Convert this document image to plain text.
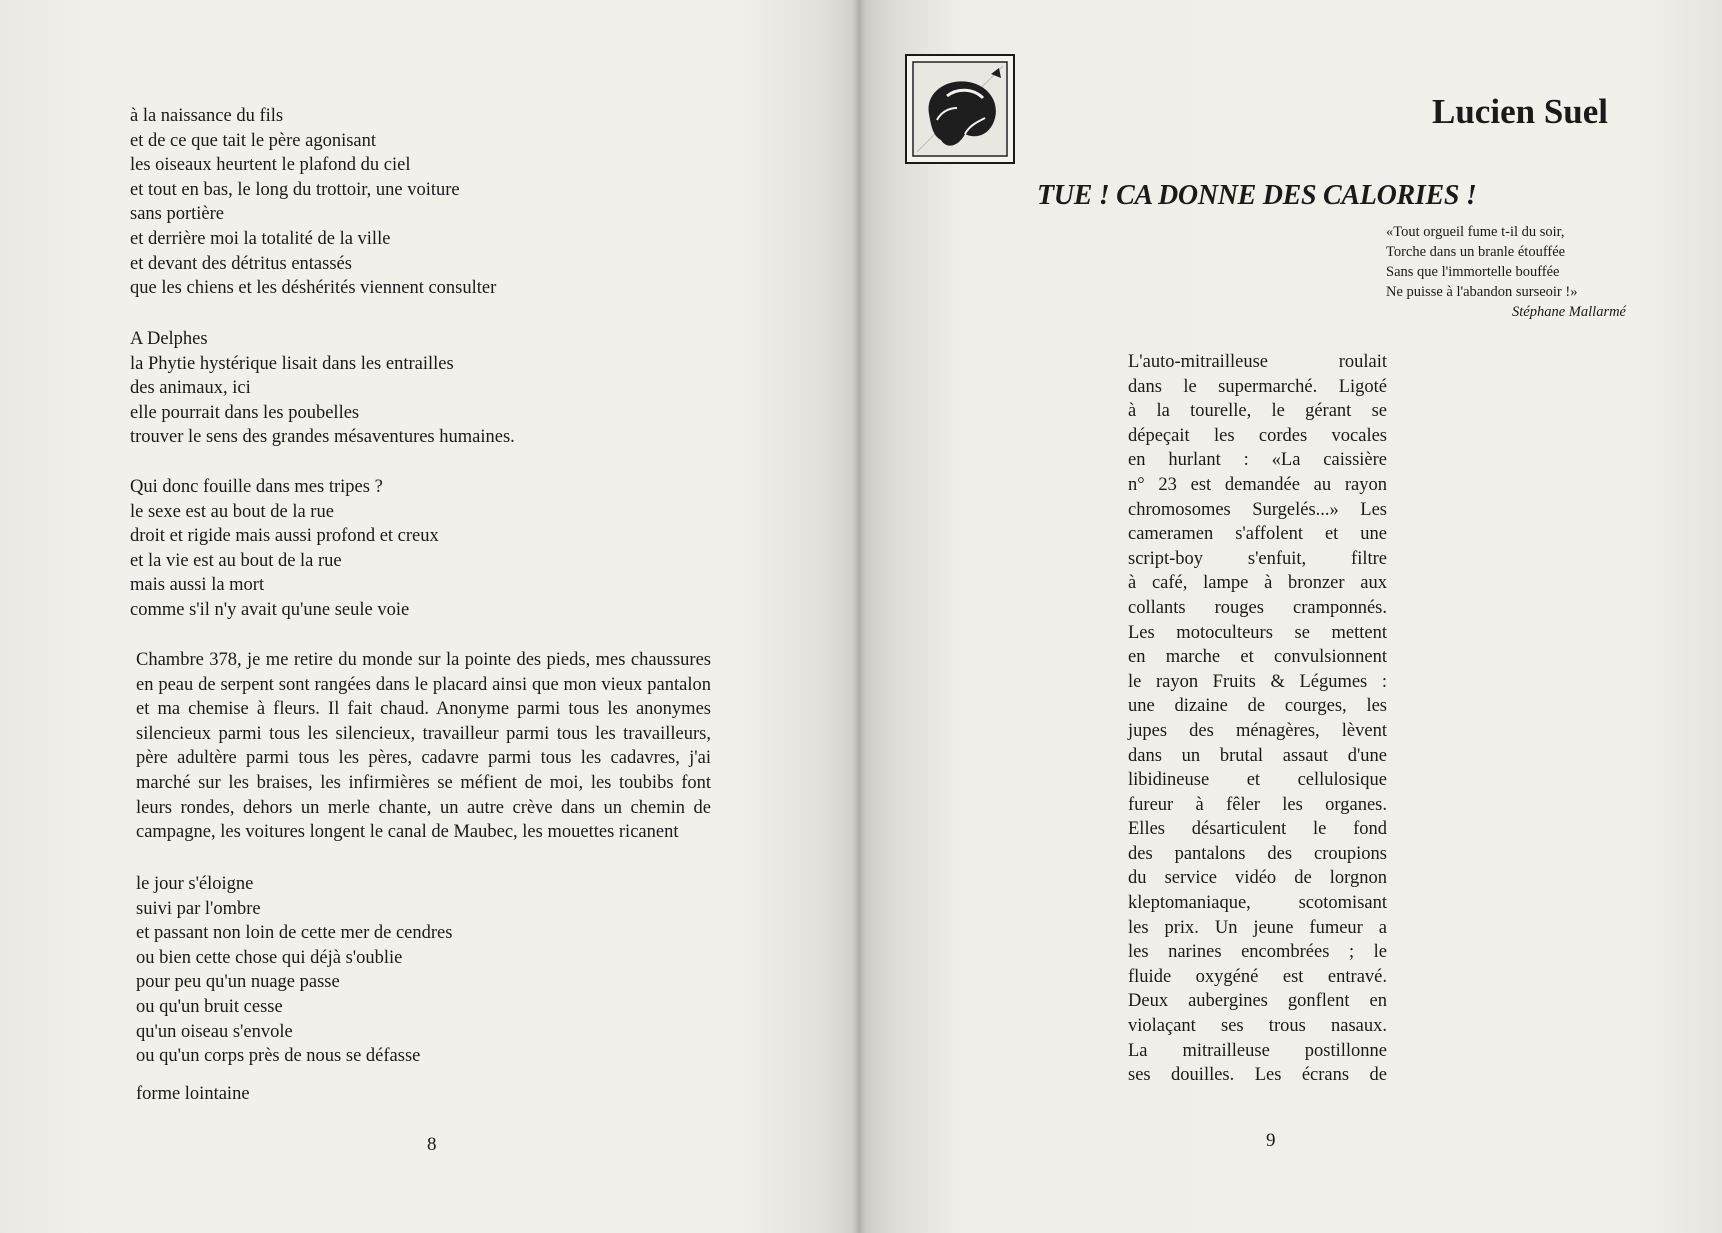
à la naissance du fils
et de ce que tait le père agonisant
les oiseaux heurtent le plafond du ciel
et tout en bas, le long du trottoir, une voiture
sans portière
et derrière moi la totalité de la ville
et devant des détritus entassés
que les chiens et les déshérités viennent consulter
A Delphes
la Phytie hystérique lisait dans les entrailles
des animaux, ici
elle pourrait dans les poubelles
trouver le sens des grandes mésaventures humaines.
Qui donc fouille dans mes tripes ?
le sexe est au bout de la rue
droit et rigide mais aussi profond et creux
et la vie est au bout de la rue
mais aussi la mort
comme s'il n'y avait qu'une seule voie

Chambre 378, je me retire du monde sur la pointe des pieds, mes chaussures en peau de serpent sont rangées dans le placard ainsi que mon vieux pantalon et ma chemise à fleurs. Il fait chaud. Anonyme parmi tous les anonymes silencieux parmi tous les silencieux, travailleur parmi tous les travailleurs, père adultère parmi tous les pères, cadavre parmi tous les cadavres, j'ai marché sur les braises, les infirmières se méfient de moi, les toubibs font leurs rondes, dehors un merle chante, un autre crève dans un chemin de campagne, les voitures longent le canal de Maubec, les mouettes ricanent

le jour s'éloigne
suivi par l'ombre
et passant non loin de cette mer de cendres
ou bien cette chose qui déjà s'oublie
pour peu qu'un nuage passe
ou qu'un bruit cesse
qu'un oiseau s'envole
ou qu'un corps près de nous se défasse

forme lointaine

8

Lucien Suel
TUE ! CA DONNE DES CALORIES !
«Tout orgueil fume t-il du soir,
Torche dans un branle étouffée
Sans que l'immortelle bouffée
Ne puisse à l'abandon surseoir !»
Stéphane Mallarmé
L'auto-mitrailleuse roulait
dans le supermarché. Ligoté
à la tourelle, le gérant se
dépeçait les cordes vocales
en hurlant : «La caissière
n° 23 est demandée au rayon
chromosomes Surgelés...» Les
cameramen s'affolent et une
script-boy s'enfuit, filtre
à café, lampe à bronzer aux
collants rouges cramponnés.
Les motoculteurs se mettent
en marche et convulsionnent
le rayon Fruits & Légumes :
une dizaine de courges, les
jupes des ménagères, lèvent
dans un brutal assaut d'une
libidineuse et cellulosique
fureur à fêler les organes.
Elles désarticulent le fond
des pantalons des croupions
du service vidéo de lorgnon
kleptomaniaque, scotomisant
les prix. Un jeune fumeur a
les narines encombrées ; le
fluide oxygéné est entravé.
Deux aubergines gonflent en
violaçant ses trous nasaux.
La mitrailleuse postillonne
ses douilles. Les écrans de

9
